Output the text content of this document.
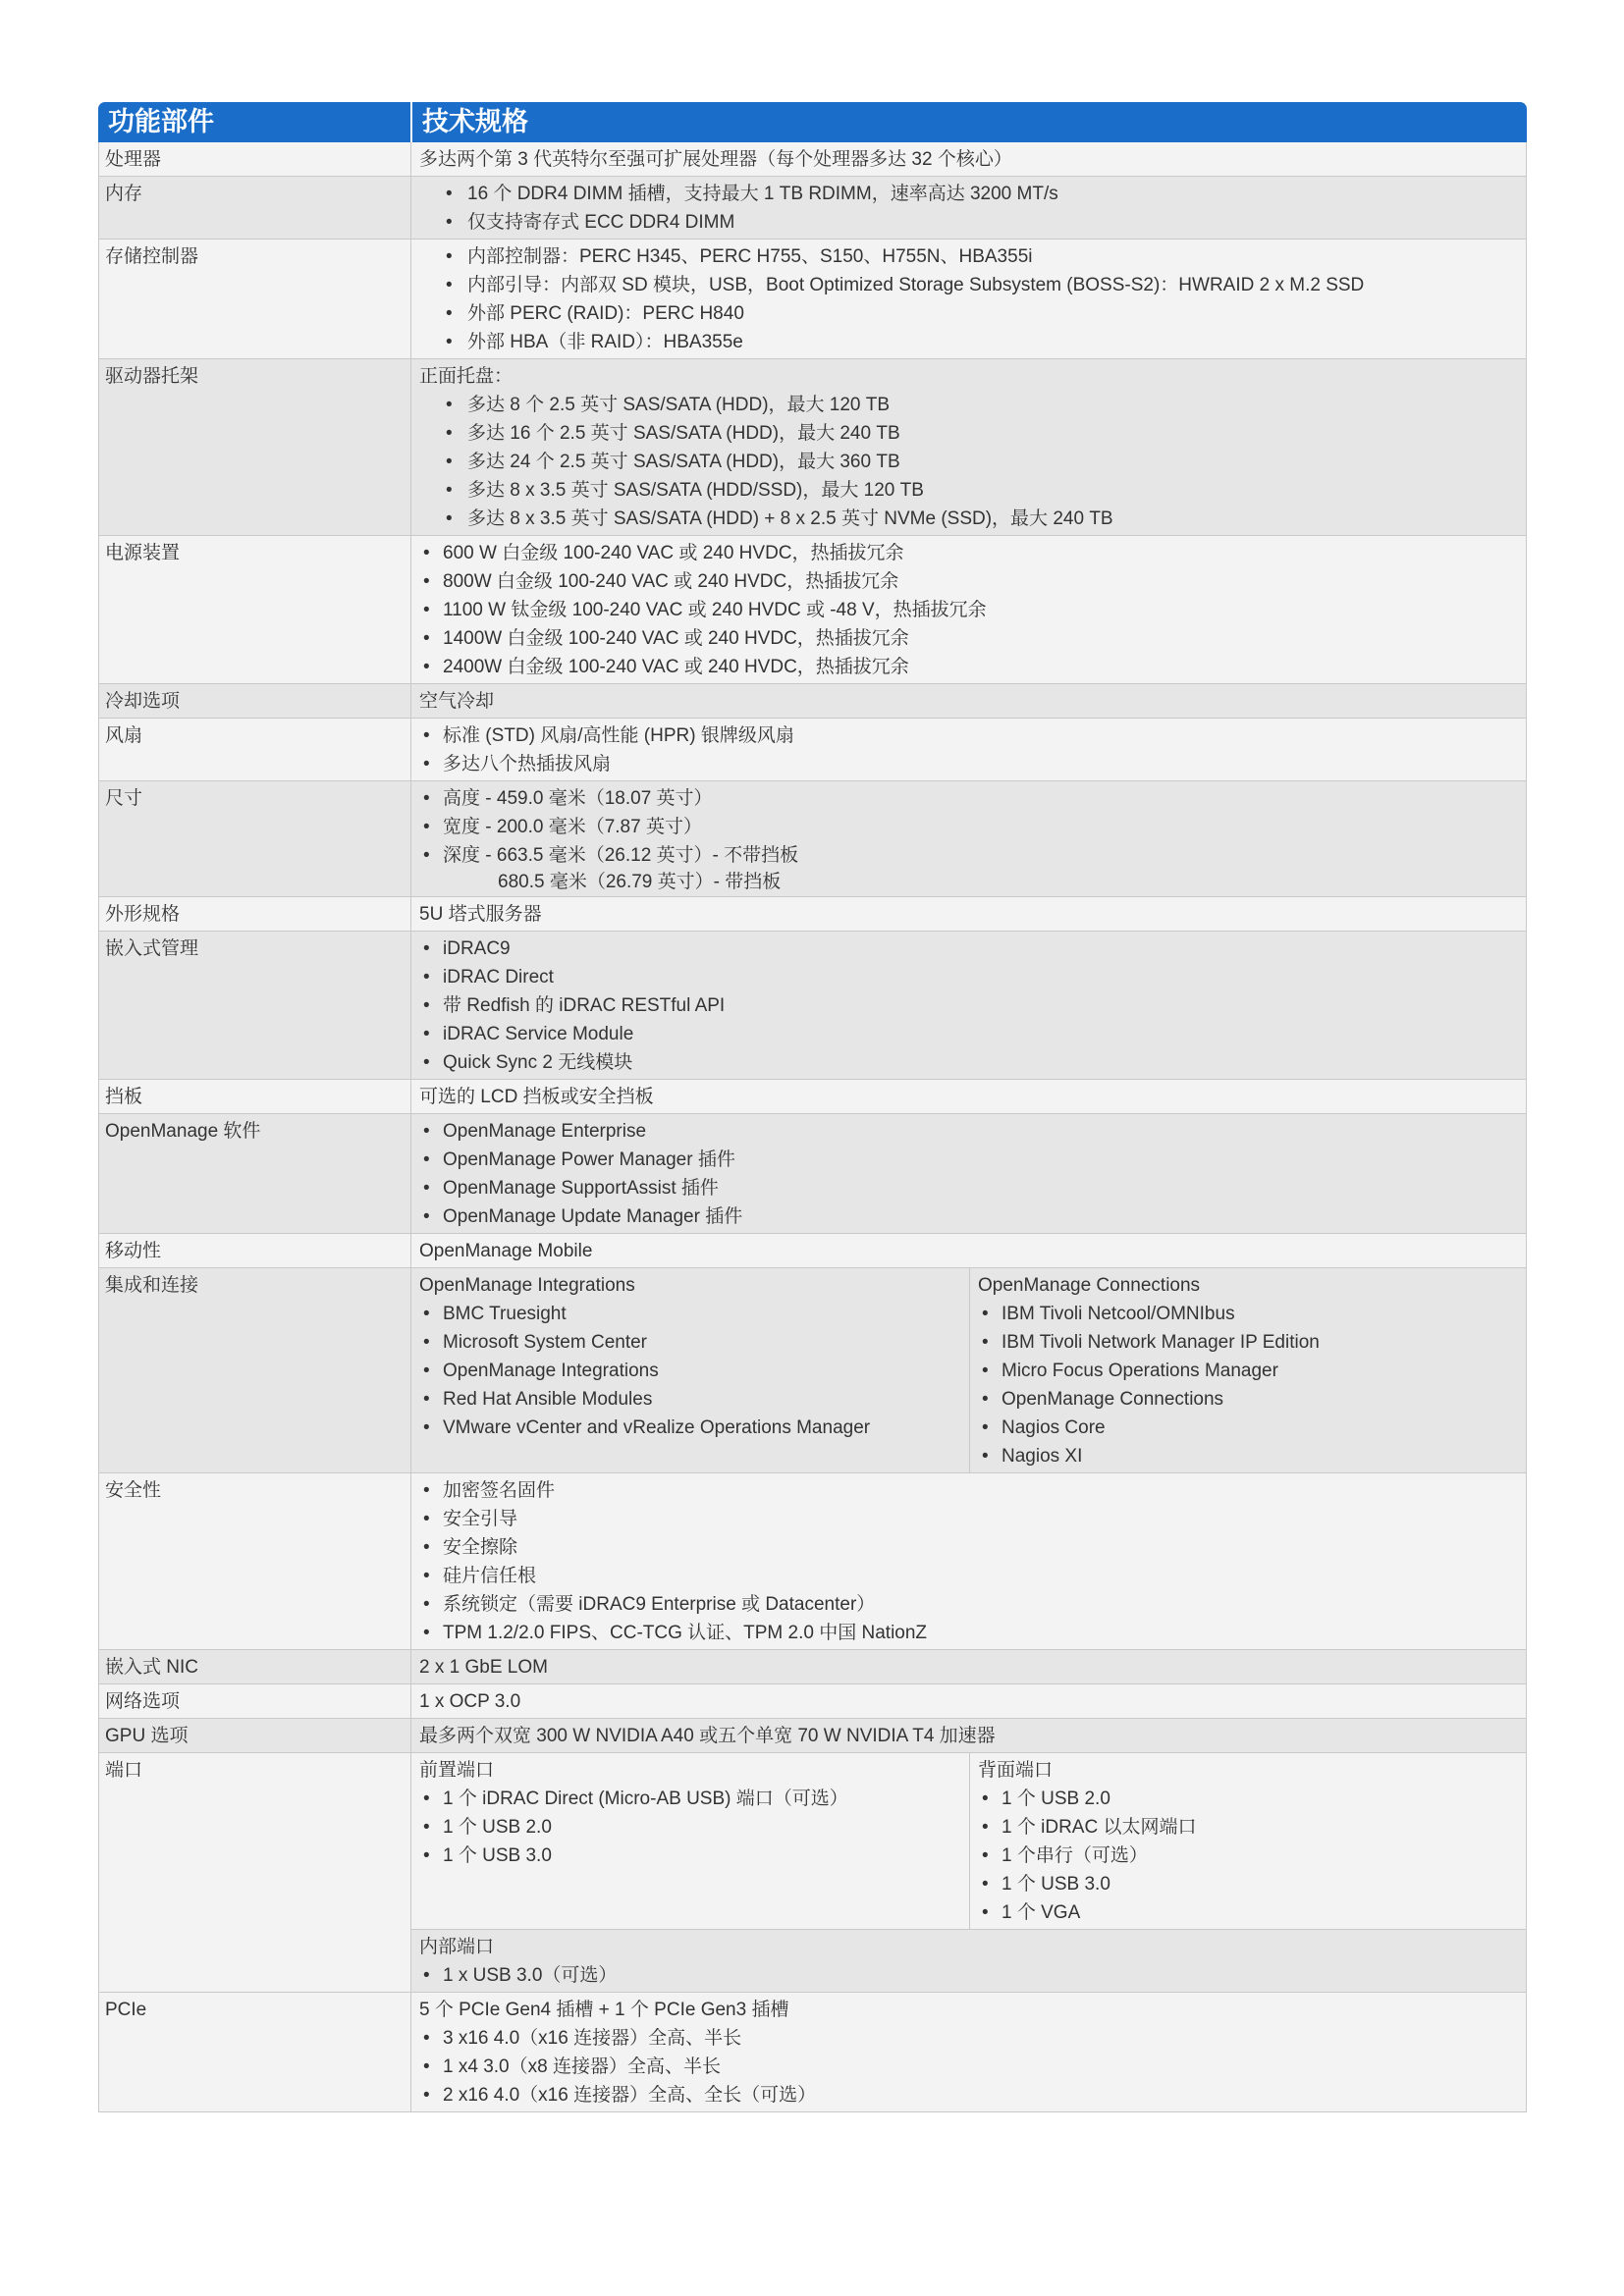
功能部件	技术规格
处理器	多达两个第 3 代英特尔至强可扩展处理器（每个处理器多达 32 个核心）
内存	• 16 个 DDR4 DIMM 插槽，支持最大 1 TB RDIMM，速率高达 3200 MT/s
• 仅支持寄存式 ECC DDR4 DIMM
存储控制器	• 内部控制器：PERC H345、PERC H755、S150、H755N、HBA355i
• 内部引导：内部双 SD 模块，USB，Boot Optimized Storage Subsystem (BOSS-S2)：HWRAID 2 x M.2 SSD
• 外部 PERC (RAID)：PERC H840
• 外部 HBA（非 RAID）：HBA355e
驱动器托架	正面托盘：
• 多达 8 个 2.5 英寸 SAS/SATA (HDD)，最大 120 TB
• 多达 16 个 2.5 英寸 SAS/SATA (HDD)，最大 240 TB
• 多达 24 个 2.5 英寸 SAS/SATA (HDD)，最大 360 TB
• 多达 8 x 3.5 英寸 SAS/SATA (HDD/SSD)，最大 120 TB
• 多达 8 x 3.5 英寸 SAS/SATA (HDD) + 8 x 2.5 英寸 NVMe (SSD)，最大 240 TB
电源装置	• 600 W 白金级 100-240 VAC 或 240 HVDC，热插拔冗余
• 800W 白金级 100-240 VAC 或 240 HVDC，热插拔冗余
• 1100 W 钛金级 100-240 VAC 或 240 HVDC 或 -48 V，热插拔冗余
• 1400W 白金级 100-240 VAC 或 240 HVDC，热插拔冗余
• 2400W 白金级 100-240 VAC 或 240 HVDC，热插拔冗余
冷却选项	空气冷却
风扇	• 标准 (STD) 风扇/高性能 (HPR) 银牌级风扇
• 多达八个热插拔风扇
尺寸	• 高度 - 459.0 毫米（18.07 英寸）
• 宽度 - 200.0 毫米（7.87 英寸）
• 深度 - 663.5 毫米（26.12 英寸）- 不带挡板
680.5 毫米（26.79 英寸）- 带挡板
外形规格	5U 塔式服务器
嵌入式管理	• iDRAC9
• iDRAC Direct
• 带 Redfish 的 iDRAC RESTful API
• iDRAC Service Module
• Quick Sync 2 无线模块
挡板	可选的 LCD 挡板或安全挡板
OpenManage 软件	• OpenManage Enterprise
• OpenManage Power Manager 插件
• OpenManage SupportAssist 插件
• OpenManage Update Manager 插件
移动性	OpenManage Mobile
集成和连接	OpenManage Integrations
• BMC Truesight
• Microsoft System Center
• OpenManage Integrations
• Red Hat Ansible Modules
• VMware vCenter and vRealize Operations Manager
OpenManage Connections
• IBM Tivoli Netcool/OMNIbus
• IBM Tivoli Network Manager IP Edition
• Micro Focus Operations Manager
• OpenManage Connections
• Nagios Core
• Nagios XI
安全性	• 加密签名固件
• 安全引导
• 安全擦除
• 硅片信任根
• 系统锁定（需要 iDRAC9 Enterprise 或 Datacenter）
• TPM 1.2/2.0 FIPS、CC-TCG 认证、TPM 2.0 中国 NationZ
嵌入式 NIC	2 x 1 GbE LOM
网络选项	1 x OCP 3.0
GPU 选项	最多两个双宽 300 W NVIDIA A40 或五个单宽 70 W NVIDIA T4 加速器
端口	前置端口
• 1 个 iDRAC Direct (Micro-AB USB) 端口（可选）
• 1 个 USB 2.0
• 1 个 USB 3.0
背面端口
• 1 个 USB 2.0
• 1 个 iDRAC 以太网端口
• 1 个串行（可选）
• 1 个 USB 3.0
• 1 个 VGA
内部端口
• 1 x USB 3.0（可选）
PCIe	5 个 PCIe Gen4 插槽 + 1 个 PCIe Gen3 插槽
• 3 x16 4.0（x16 连接器）全高、半长
• 1 x4 3.0（x8 连接器）全高、半长
• 2 x16 4.0（x16 连接器）全高、全长（可选）
